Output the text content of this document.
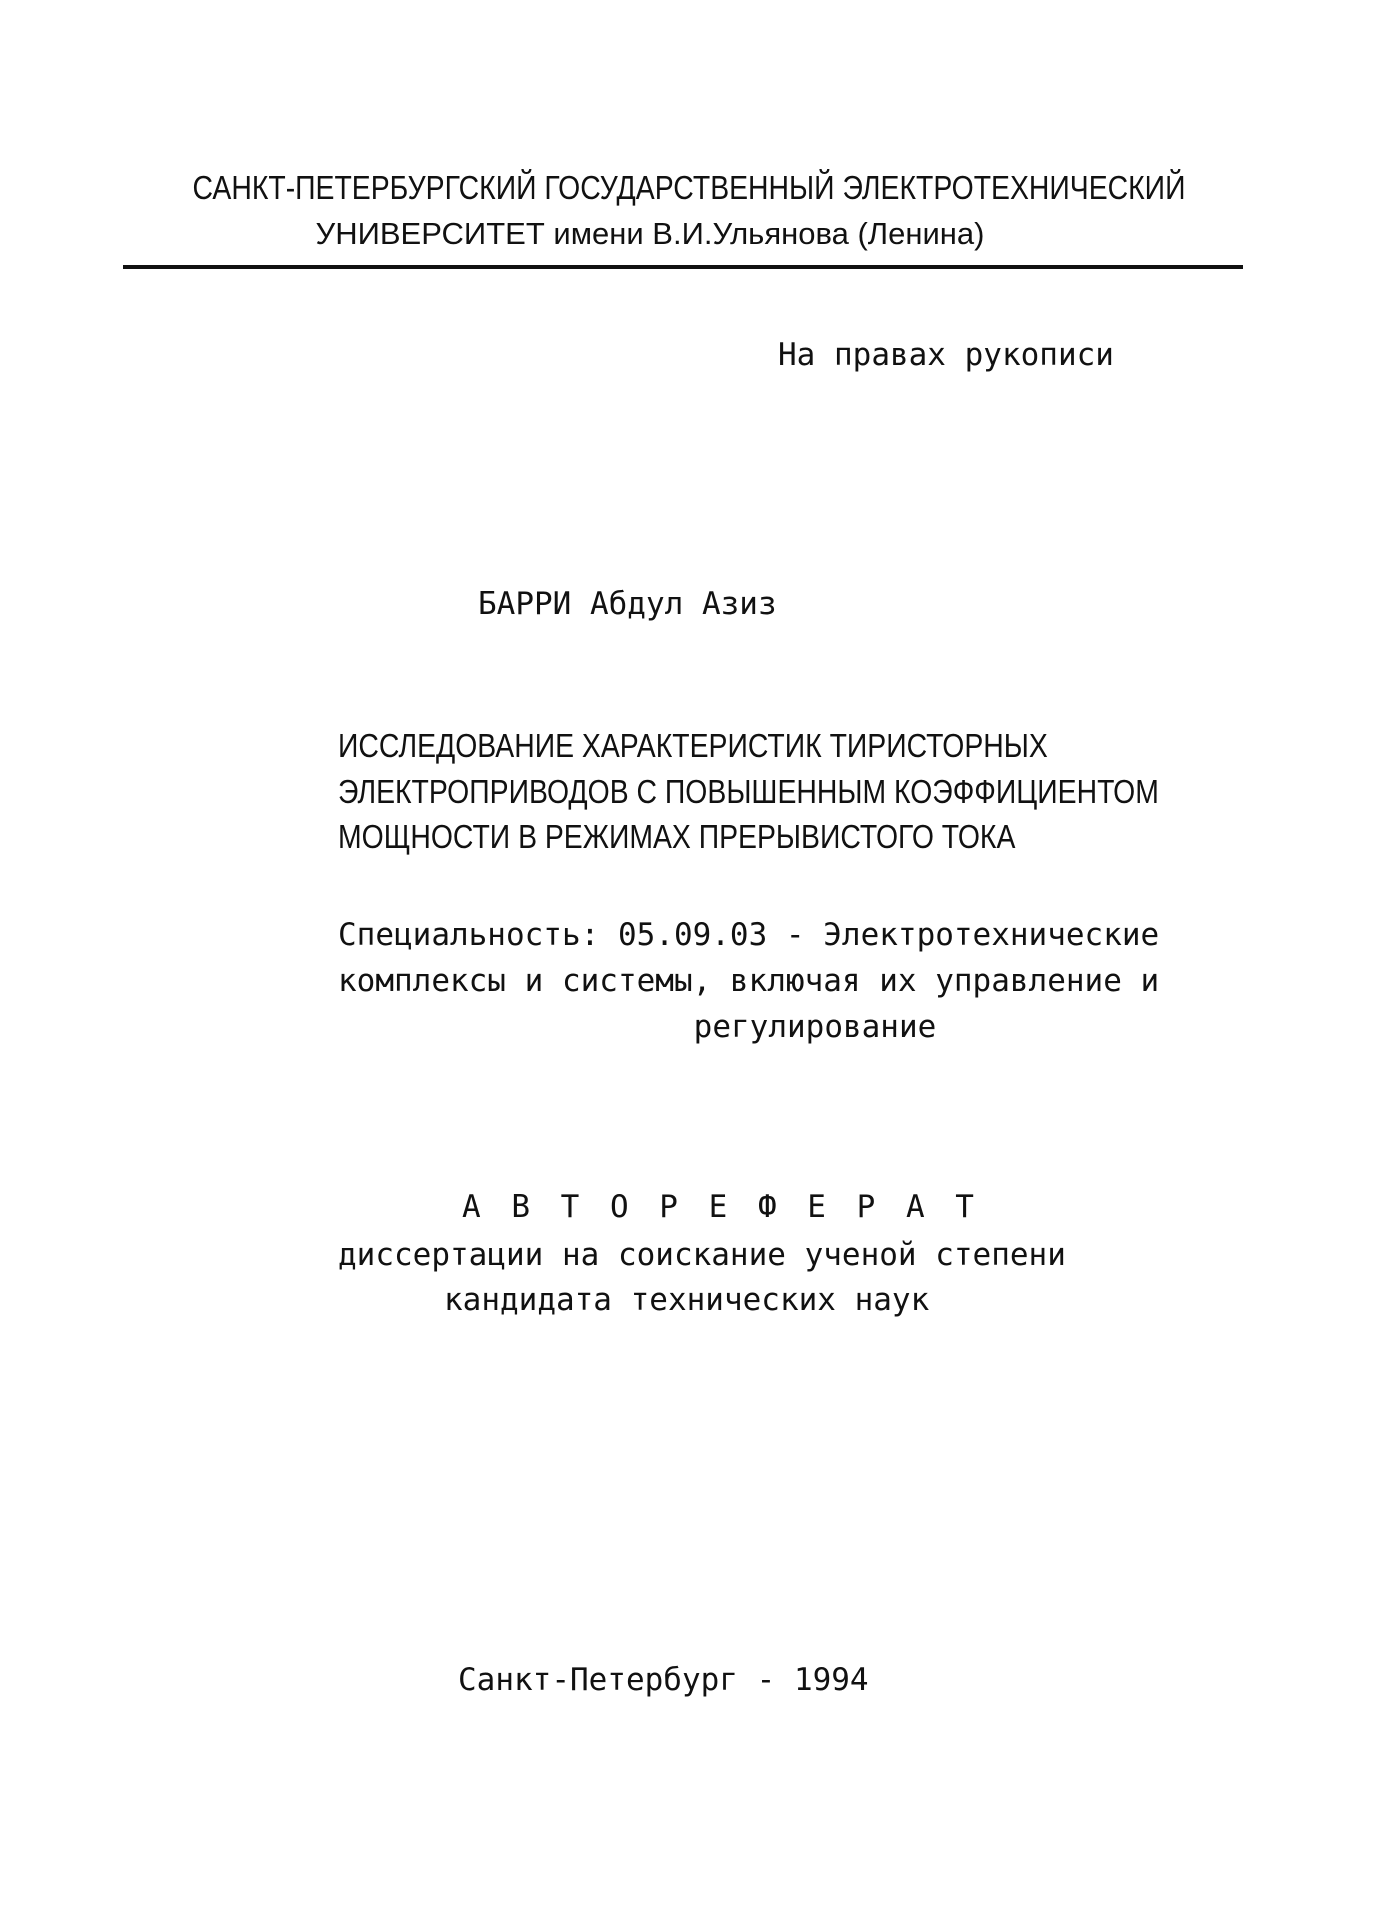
САНКТ-ПЕТЕРБУРГСКИЙ ГОСУДАРСТВЕННЫЙ ЭЛЕКТРОТЕХНИЧЕСКИЙ
УНИВЕРСИТЕТ имени В.И.Ульянова (Ленина)
На правах рукописи
БАРРИ Абдул Азиз
ИССЛЕДОВАНИЕ ХАРАКТЕРИСТИК ТИРИСТОРНЫХ
ЭЛЕКТРОПРИВОДОВ С ПОВЫШЕННЫМ КОЭФФИЦИЕНТОМ
МОЩНОСТИ В РЕЖИМАХ ПРЕРЫВИСТОГО ТОКА
Специальность: 05.09.03 - Электротехнические
комплексы и системы, включая их управление и
регулирование
А В Т О Р Е Ф Е Р А Т
диссертации на соискание ученой степени
кандидата технических наук
Санкт-Петербург - 1994
